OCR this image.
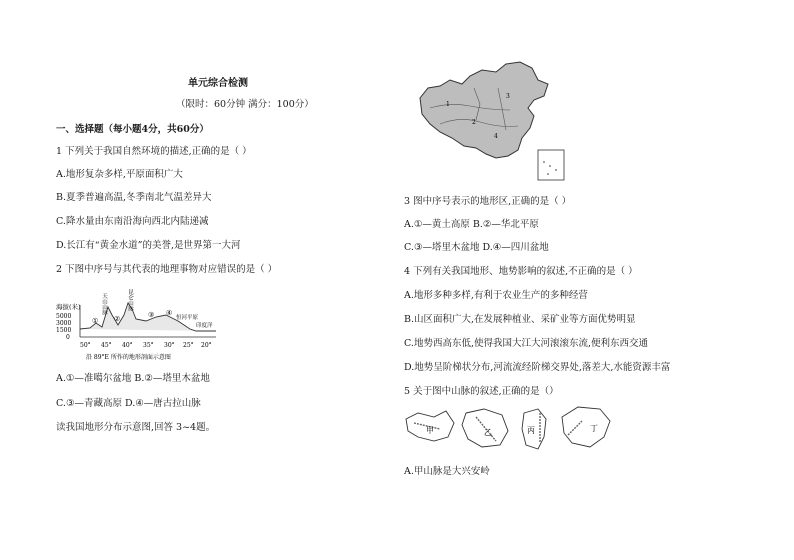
单元综合检测
（限时：60分钟 满分：100分）
一、选择题（每小题4分，共60分）
1 下列关于我国自然环境的描述,正确的是（ ）
A.地形复杂多样,平原面积广大
B.夏季普遍高温,冬季南北气温差异大
C.降水量由东南沿海向西北内陆递减
D.长江有“黄金水道”的美誉,是世界第一大河
2 下图中序号与其代表的地理事物对应错误的是（ ）
海拔(米)
5000
3000
1500
0
天山山脉	昆仑山脉
① ②	③ ④
恒河平原
印度洋
50° 45° 40° 35° 30° 25° 20°
沿 89°E 所作的地形剖面示意图
A.①—准噶尔盆地 B.②—塔里木盆地
C.③—青藏高原 D.④—唐古拉山脉
读我国地形分布示意图,回答 3~4题。
1
2
3
4
3 图中序号表示的地形区,正确的是（ ）
A.①—黄土高原 B.②—华北平原
C.③—塔里木盆地 D.④—四川盆地
4 下列有关我国地形、地势影响的叙述,不正确的是（ ）
A.地形多种多样,有利于农业生产的多种经营
B.山区面积广大,在发展种植业、采矿业等方面优势明显
C.地势西高东低,使得我国大江大河滚滚东流,便利东西交通
D.地势呈阶梯状分布,河流流经阶梯交界处,落差大,水能资源丰富
5 关于图中山脉的叙述,正确的是（）
甲	乙	丙	丁
A.甲山脉是大兴安岭
